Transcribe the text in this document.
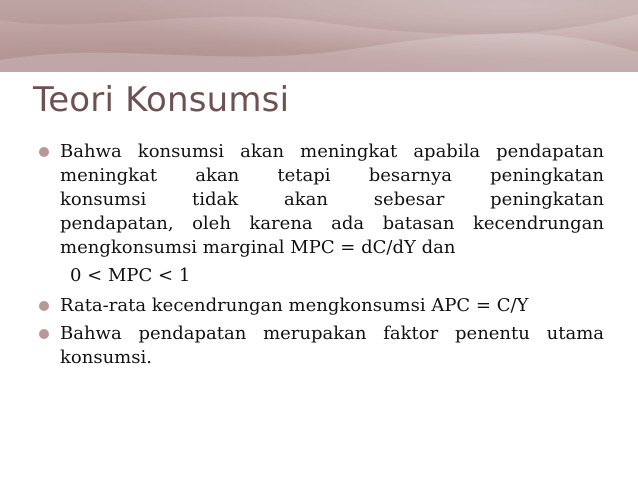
Teori Konsumsi
Bahwa konsumsi akan meningkat apabila pendapatan
meningkat akan tetapi besarnya peningkatan
konsumsi tidak akan sebesar peningkatan
pendapatan, oleh karena ada batasan kecendrungan
mengkonsumsi marginal MPC = dC/dY dan
0 < MPC < 1
Rata-rata kecendrungan mengkonsumsi APC = C/Y
Bahwa pendapatan merupakan faktor penentu utama
konsumsi.
